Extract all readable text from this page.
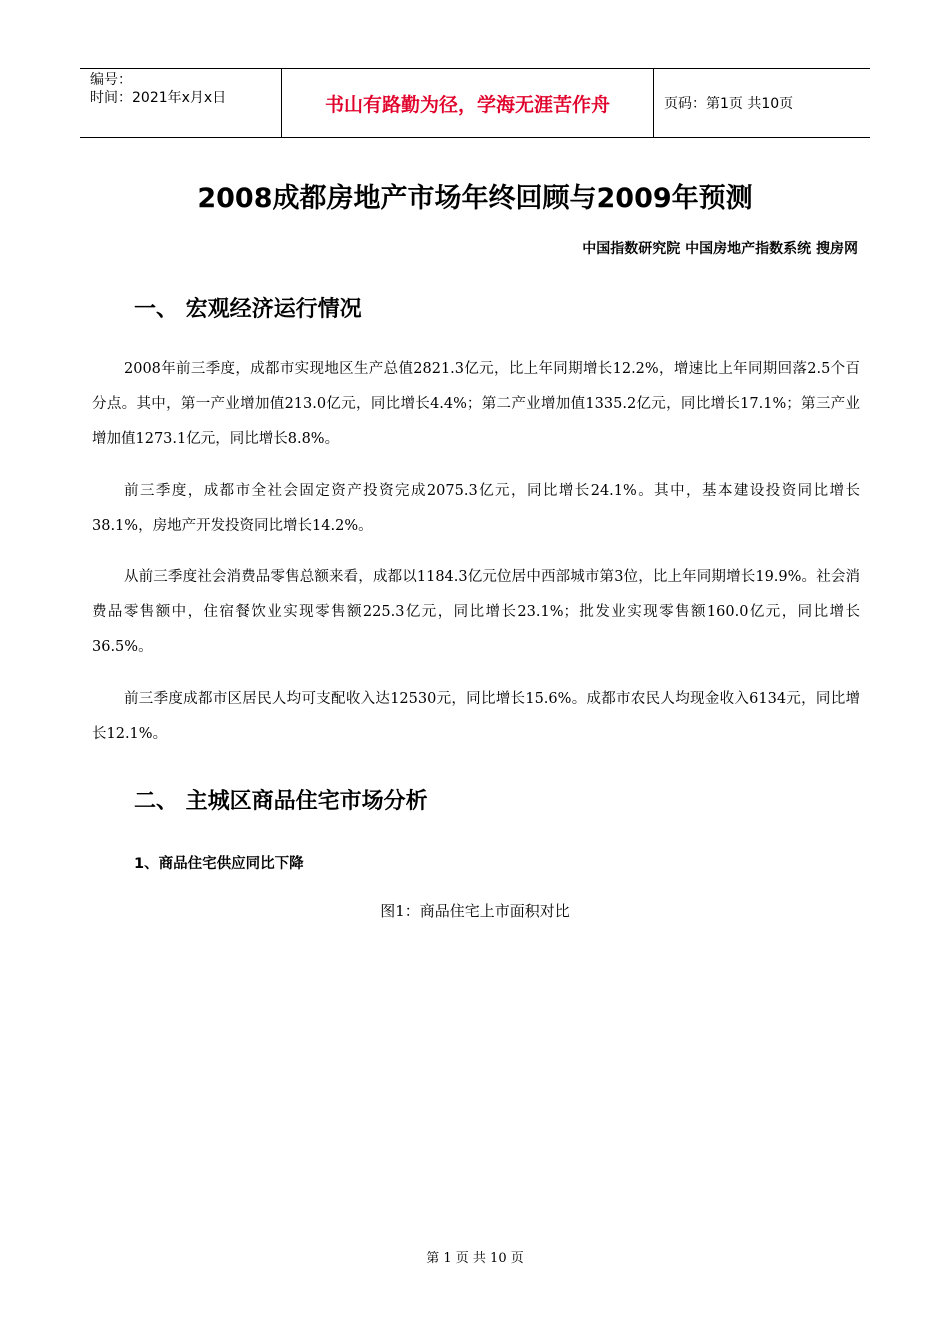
编号：
时间：2021年x月x日	书山有路勤为径，学海无涯苦作舟	页码：第1页 共10页
2008成都房地产市场年终回顾与2009年预测
中国指数研究院 中国房地产指数系统 搜房网
一、 宏观经济运行情况
2008年前三季度，成都市实现地区生产总值2821.3亿元，比上年同期增长12.2%，增速比上年同期回落2.5个百分点。其中，第一产业增加值213.0亿元，同比增长4.4%；第二产业增加值1335.2亿元，同比增长17.1%；第三产业增加值1273.1亿元，同比增长8.8%。
前三季度，成都市全社会固定资产投资完成2075.3亿元，同比增长24.1%。其中，基本建设投资同比增长38.1%，房地产开发投资同比增长14.2%。
从前三季度社会消费品零售总额来看，成都以1184.3亿元位居中西部城市第3位，比上年同期增长19.9%。社会消费品零售额中，住宿餐饮业实现零售额225.3亿元，同比增长23.1%；批发业实现零售额160.0亿元，同比增长36.5%。
前三季度成都市区居民人均可支配收入达12530元，同比增长15.6%。成都市农民人均现金收入6134元，同比增长12.1%。
二、 主城区商品住宅市场分析
1、商品住宅供应同比下降
图1：商品住宅上市面积对比
第 1 页 共 10 页
